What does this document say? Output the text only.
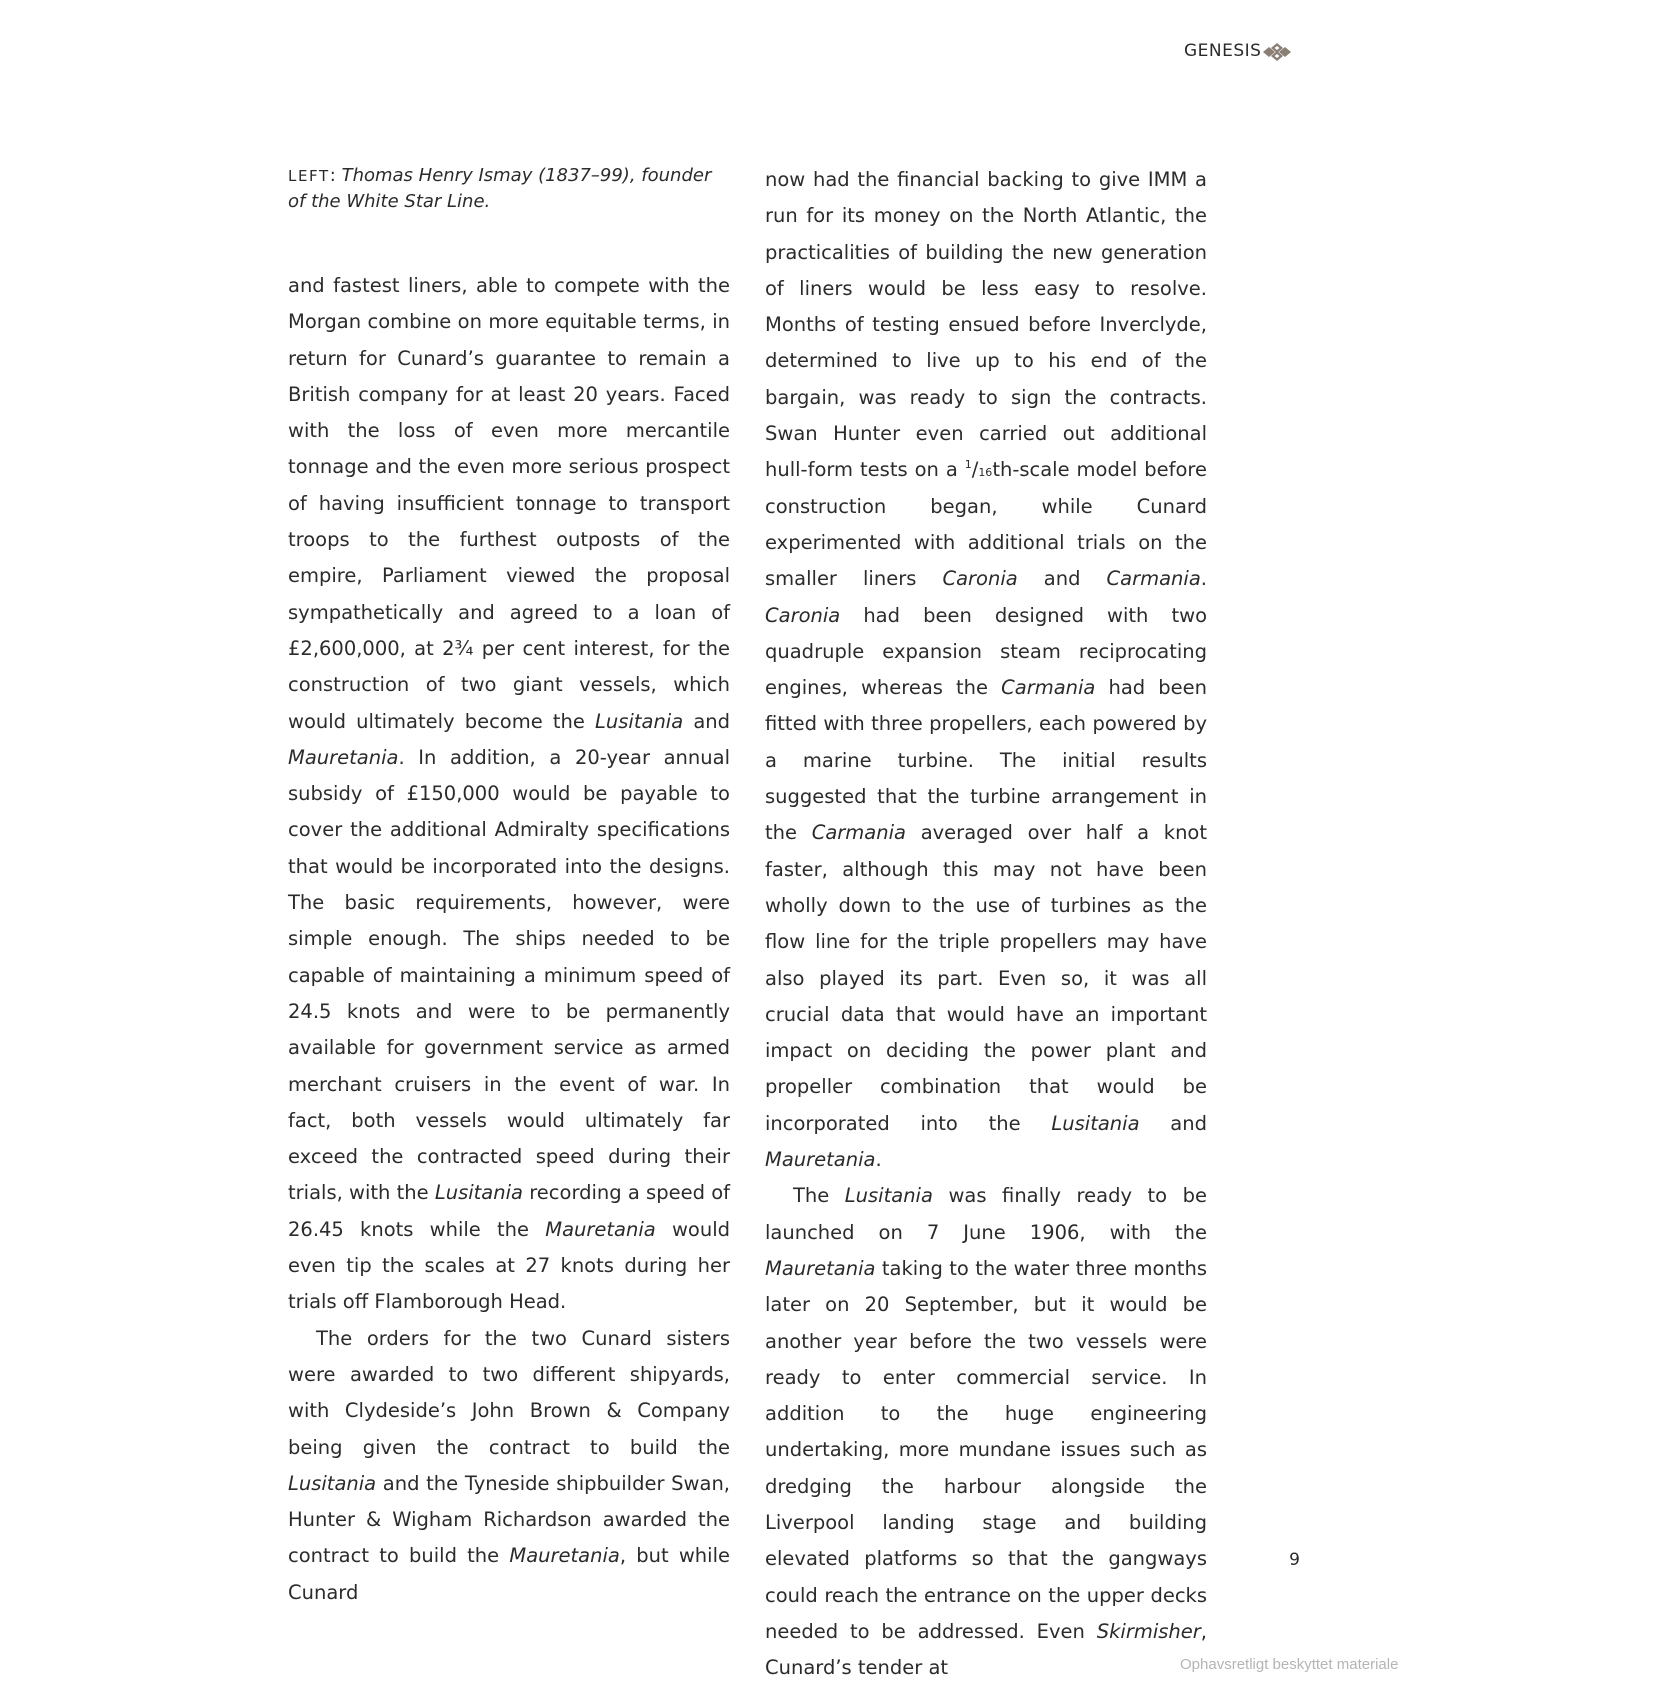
GENESIS
LEFT: Thomas Henry Ismay (1837–99), founder of the White Star Line.

and fastest liners, able to compete with the Morgan combine on more equitable terms, in return for Cunard’s guarantee to remain a British company for at least 20 years. Faced with the loss of even more mercantile tonnage and the even more serious prospect of having insufficient tonnage to transport troops to the furthest outposts of the empire, Parliament viewed the proposal sympathetically and agreed to a loan of £2,600,000, at 2¾ per cent interest, for the construction of two giant vessels, which would ultimately become the Lusitania and Mauretania. In addition, a 20-year annual subsidy of £150,000 would be payable to cover the additional Admiralty specifications that would be incorporated into the designs. The basic requirements, however, were simple enough. The ships needed to be capable of maintaining a minimum speed of 24.5 knots and were to be permanently available for government service as armed merchant cruisers in the event of war. In fact, both vessels would ultimately far exceed the contracted speed during their trials, with the Lusitania recording a speed of 26.45 knots while the Mauretania would even tip the scales at 27 knots during her trials off Flamborough Head.

The orders for the two Cunard sisters were awarded to two different shipyards, with Clydeside’s John Brown & Company being given the contract to build the Lusitania and the Tyneside shipbuilder Swan, Hunter & Wigham Richardson awarded the contract to build the Mauretania, but while Cunard

now had the financial backing to give IMM a run for its money on the North Atlantic, the practicalities of building the new generation of liners would be less easy to resolve. Months of testing ensued before Inverclyde, determined to live up to his end of the bargain, was ready to sign the contracts. Swan Hunter even carried out additional hull-form tests on a $^1$/16th-scale model before construction began, while Cunard experimented with additional trials on the smaller liners Caronia and Carmania. Caronia had been designed with two quadruple expansion steam reciprocating engines, whereas the Carmania had been fitted with three propellers, each powered by a marine turbine. The initial results suggested that the turbine arrangement in the Carmania averaged over half a knot faster, although this may not have been wholly down to the use of turbines as the flow line for the triple propellers may have also played its part. Even so, it was all crucial data that would have an important impact on deciding the power plant and propeller combination that would be incorporated into the Lusitania and Mauretania.

The Lusitania was finally ready to be launched on 7 June 1906, with the Mauretania taking to the water three months later on 20 September, but it would be another year before the two vessels were ready to enter commercial service. In addition to the huge engineering undertaking, more mundane issues such as dredging the harbour alongside the Liverpool landing stage and building elevated platforms so that the gangways could reach the entrance on the upper decks needed to be addressed. Even Skirmisher, Cunard’s tender at

9
Ophavsretligt beskyttet materiale
